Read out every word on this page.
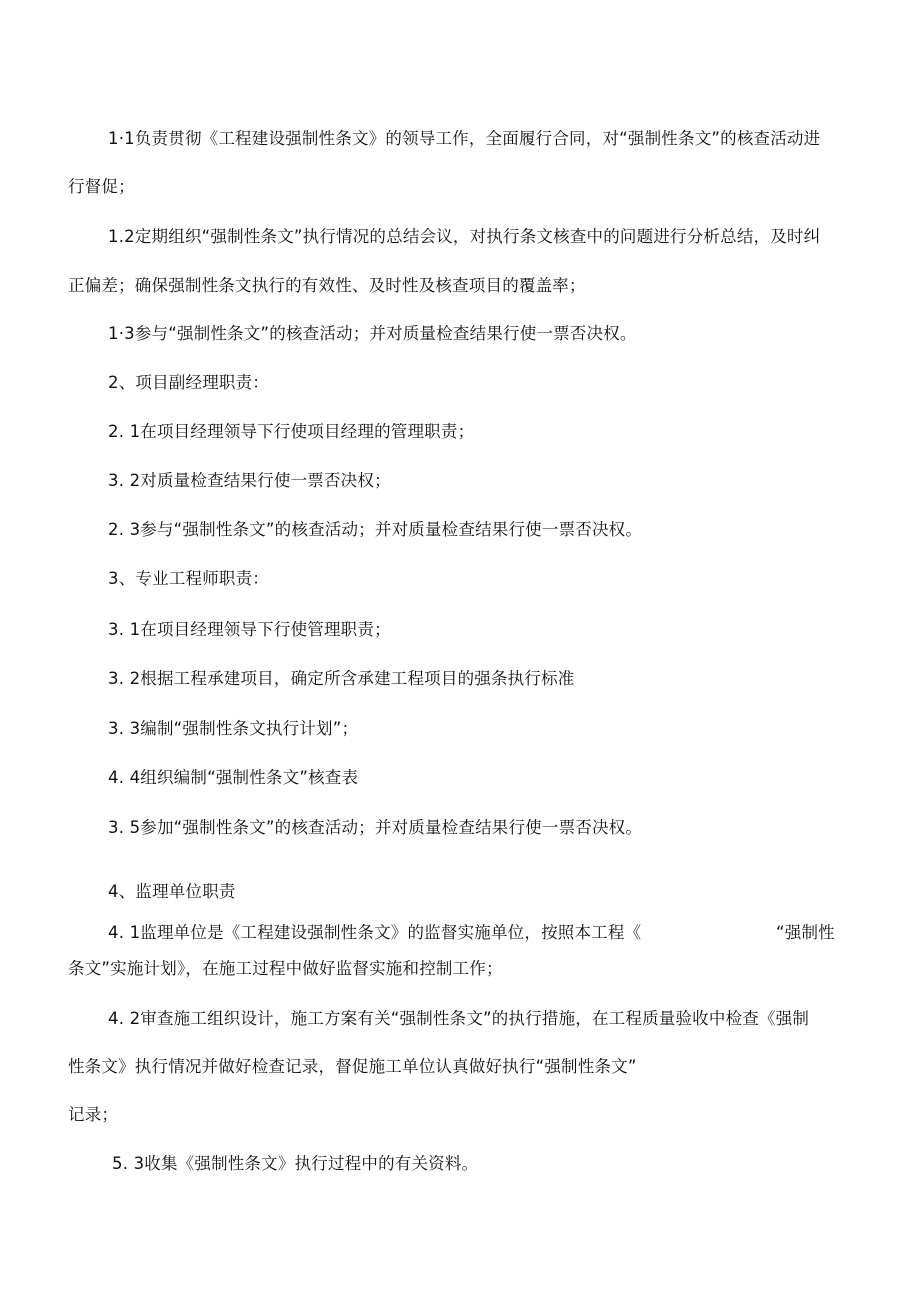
1·1负责贯彻《工程建设强制性条文》的领导工作，全面履行合同，对“强制性条文”的核查活动进
行督促；
1.2定期组织“强制性条文”执行情况的总结会议，对执行条文核查中的问题进行分析总结，及时纠
正偏差；确保强制性条文执行的有效性、及时性及核查项目的覆盖率；
1·3参与“强制性条文”的核查活动；并对质量检查结果行使一票否决权。
2、项目副经理职责：
2. 1在项目经理领导下行使项目经理的管理职责；
3. 2对质量检查结果行使一票否决权；
2. 3参与“强制性条文”的核查活动；并对质量检查结果行使一票否决权。
3、专业工程师职责：
3. 1在项目经理领导下行使管理职责；
3. 2根据工程承建项目，确定所含承建工程项目的强条执行标准
3. 3编制“强制性条文执行计划”；
4. 4组织编制“强制性条文”核查表
3. 5参加“强制性条文”的核查活动；并对质量检查结果行使一票否决权。
4、监理单位职责
4. 1监理单位是《工程建设强制性条文》的监督实施单位，按照本工程《	“强制性
条文”实施计划》，在施工过程中做好监督实施和控制工作；
4. 2审查施工组织设计，施工方案有关“强制性条文”的执行措施，在工程质量验收中检查《强制
性条文》执行情况并做好检查记录，督促施工单位认真做好执行“强制性条文”
记录；
5. 3收集《强制性条文》执行过程中的有关资料。
